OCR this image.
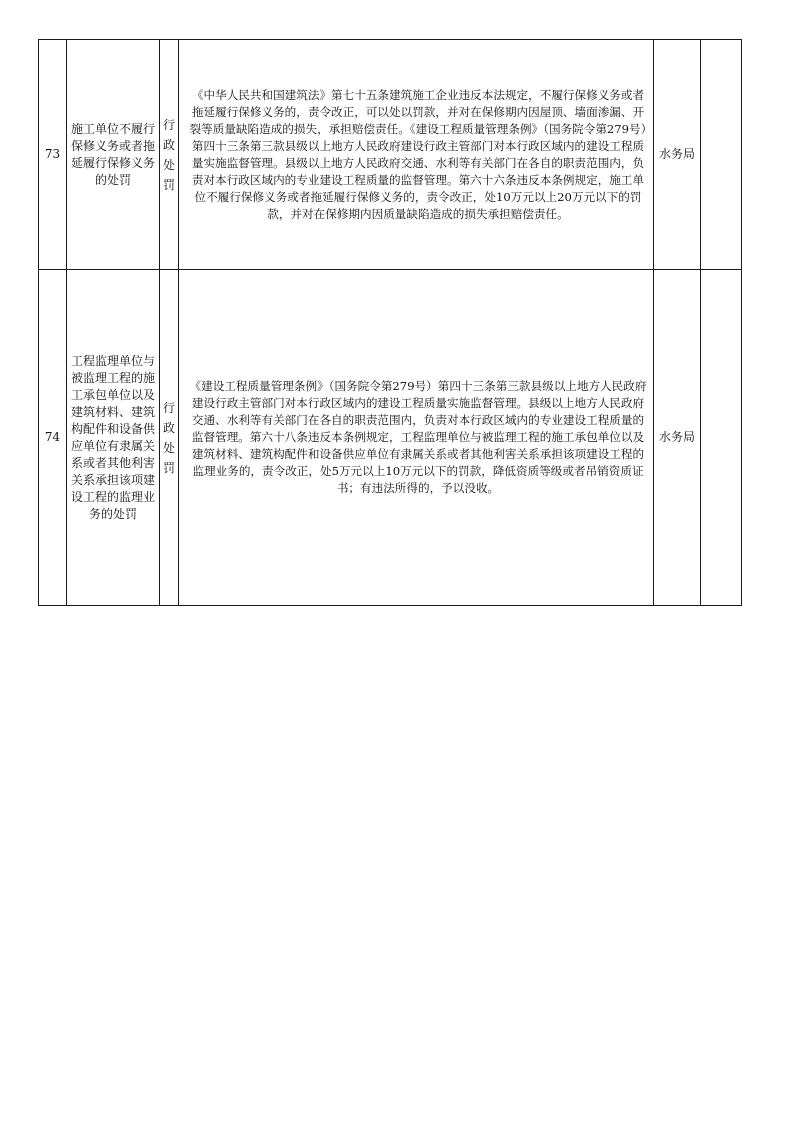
73	施工单位不履行保修义务或者拖延履行保修义务的处罚	行政处罚	《中华人民共和国建筑法》第七十五条建筑施工企业违反本法规定，不履行保修义务或者拖延履行保修义务的，责令改正，可以处以罚款，并对在保修期内因屋顶、墙面渗漏、开裂等质量缺陷造成的损失，承担赔偿责任。《建设工程质量管理条例》（国务院令第279号）第四十三条第三款县级以上地方人民政府建设行政主管部门对本行政区域内的建设工程质量实施监督管理。县级以上地方人民政府交通、水利等有关部门在各自的职责范围内，负责对本行政区域内的专业建设工程质量的监督管理。第六十六条违反本条例规定，施工单位不履行保修义务或者拖延履行保修义务的，责令改正，处10万元以上20万元以下的罚款，并对在保修期内因质量缺陷造成的损失承担赔偿责任。	水务局	
74	工程监理单位与被监理工程的施工承包单位以及建筑材料、建筑构配件和设备供应单位有隶属关系或者其他利害关系承担该项建设工程的监理业务的处罚	行政处罚	《建设工程质量管理条例》（国务院令第279号）第四十三条第三款县级以上地方人民政府建设行政主管部门对本行政区域内的建设工程质量实施监督管理。县级以上地方人民政府交通、水利等有关部门在各自的职责范围内，负责对本行政区域内的专业建设工程质量的监督管理。第六十八条违反本条例规定，工程监理单位与被监理工程的施工承包单位以及建筑材料、建筑构配件和设备供应单位有隶属关系或者其他利害关系承担该项建设工程的监理业务的，责令改正，处5万元以上10万元以下的罚款，降低资质等级或者吊销资质证书；有违法所得的，予以没收。	水务局	
